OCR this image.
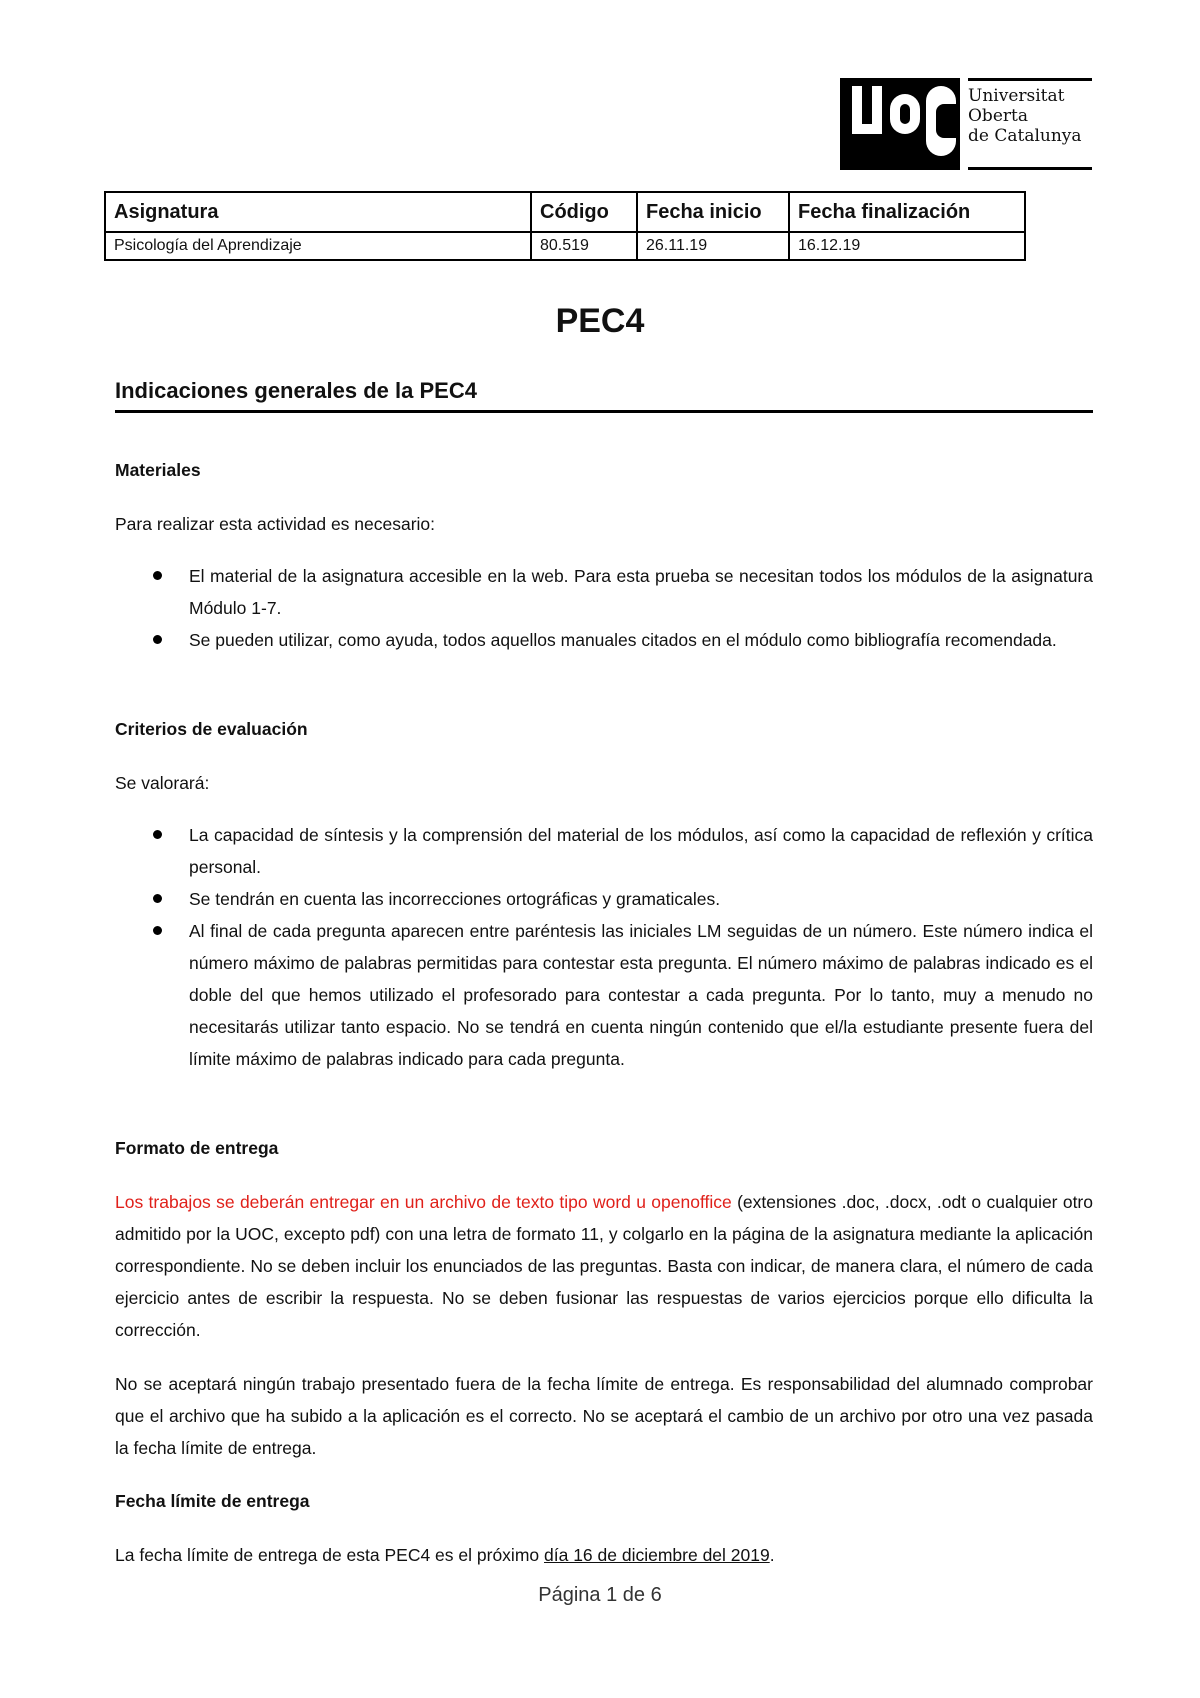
Universitat
Oberta
de Catalunya
Asignatura	Código	Fecha inicio	Fecha finalización
Psicología del Aprendizaje	80.519	26.11.19	16.12.19
PEC4
Indicaciones generales de la PEC4
Materiales
Para realizar esta actividad es necesario:
El material de la asignatura accesible en la web. Para esta prueba se necesitan todos los módulos de la asignatura Módulo 1-7.
Se pueden utilizar, como ayuda, todos aquellos manuales citados en el módulo como bibliografía recomendada.
Criterios de evaluación
Se valorará:
La capacidad de síntesis y la comprensión del material de los módulos, así como la capacidad de reflexión y crítica personal.
Se tendrán en cuenta las incorrecciones ortográficas y gramaticales.
Al final de cada pregunta aparecen entre paréntesis las iniciales LM seguidas de un número. Este número indica el número máximo de palabras permitidas para contestar esta pregunta. El número máximo de palabras indicado es el doble del que hemos utilizado el profesorado para contestar a cada pregunta. Por lo tanto, muy a menudo no necesitarás utilizar tanto espacio. No se tendrá en cuenta ningún contenido que el/la estudiante presente fuera del límite máximo de palabras indicado para cada pregunta.
Formato de entrega
Los trabajos se deberán entregar en un archivo de texto tipo word u openoffice (extensiones .doc, .docx, .odt o cualquier otro admitido por la UOC, excepto pdf) con una letra de formato 11, y colgarlo en la página de la asignatura mediante la aplicación correspondiente. No se deben incluir los enunciados de las preguntas. Basta con indicar, de manera clara, el número de cada ejercicio antes de escribir la respuesta. No se deben fusionar las respuestas de varios ejercicios porque ello dificulta la corrección.
No se aceptará ningún trabajo presentado fuera de la fecha límite de entrega. Es responsabilidad del alumnado comprobar que el archivo que ha subido a la aplicación es el correcto. No se aceptará el cambio de un archivo por otro una vez pasada la fecha límite de entrega.
Fecha límite de entrega
La fecha límite de entrega de esta PEC4 es el próximo día 16 de diciembre del 2019.
Página 1 de 6
